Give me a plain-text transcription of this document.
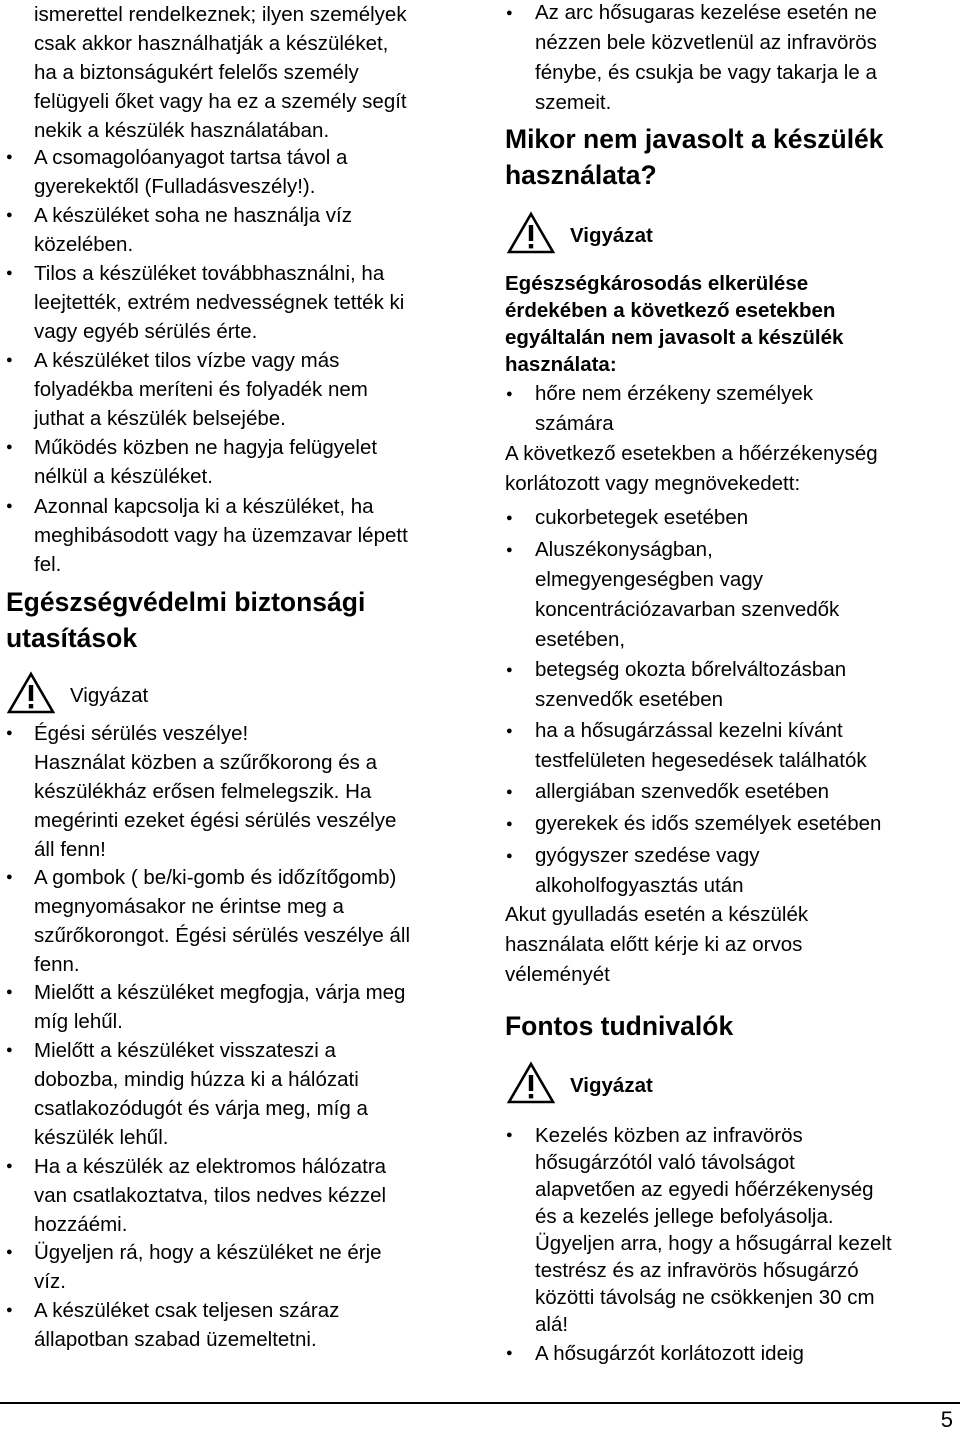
ismerettel rendelkeznek; ilyen személyek
csak akkor használhatják a készüléket,
ha a biztonságukért felelős személy
felügyeli őket vagy ha ez a személy segít
nekik a készülék használatában.
● A csomagolóanyagot tartsa távol a
gyerekektől (Fulladásveszély!).
● A készüléket soha ne használja víz
közelében.
● Tilos a készüléket továbbhasználni, ha
leejtették, extrém nedvességnek tették ki
vagy egyéb sérülés érte.
● A készüléket tilos vízbe vagy más
folyadékba meríteni és folyadék nem
juthat a készülék belsejébe.
● Működés közben ne hagyja felügyelet
nélkül a készüléket.
● Azonnal kapcsolja ki a készüléket, ha
meghibásodott vagy ha üzemzavar lépett
fel.
Egészségvédelmi biztonsági
utasítások
Vigyázat
● Égési sérülés veszélye!
Használat közben a szűrőkorong és a
készülékház erősen felmelegszik. Ha
megérinti ezeket égési sérülés veszélye
áll fenn!
● A gombok ( be/ki-gomb és időzítőgomb)
megnyomásakor ne érintse meg a
szűrőkorongot. Égési sérülés veszélye áll
fenn.
● Mielőtt a készüléket megfogja, várja meg
míg lehűl.
● Mielőtt a készüléket visszateszi a
dobozba, mindig húzza ki a hálózati
csatlakozódugót és várja meg, míg a
készülék lehűl.
● Ha a készülék az elektromos hálózatra
van csatlakoztatva, tilos nedves kézzel
hozzáémi.
● Ügyeljen rá, hogy a készüléket ne érje
víz.
● A készüléket csak teljesen száraz
állapotban szabad üzemeltetni.
● Az arc hősugaras kezelése esetén ne
nézzen bele közvetlenül az infravörös
fénybe, és csukja be vagy takarja le a
szemeit.
Mikor nem javasolt a készülék
használata?
Vigyázat
Egészségkárosodás elkerülése
érdekében a következő esetekben
egyáltalán nem javasolt a készülék
használata:
● hőre nem érzékeny személyek
számára
A következő esetekben a hőérzékenység
korlátozott vagy megnövekedett:
● cukorbetegek esetében
● Aluszékonyságban,
elmegyengeségben vagy
koncentrációzavarban szenvedők
esetében,
● betegség okozta bőrelváltozásban
szenvedők esetében
● ha a hősugárzással kezelni kívánt
testfelületen hegesedések találhatók
● allergiában szenvedők esetében
● gyerekek és idős személyek esetében
● gyógyszer szedése vagy
alkoholfogyasztás után
Akut gyulladás esetén a készülék
használata előtt kérje ki az orvos
véleményét
Fontos tudnivalók
Vigyázat
● Kezelés közben az infravörös
hősugárzótól való távolságot
alapvetően az egyedi hőérzékenység
és a kezelés jellege befolyásolja.
Ügyeljen arra, hogy a hősugárral kezelt
testrész és az infravörös hősugárzó
közötti távolság ne csökkenjen 30 cm
alá!
● A hősugárzót korlátozott ideig
5
